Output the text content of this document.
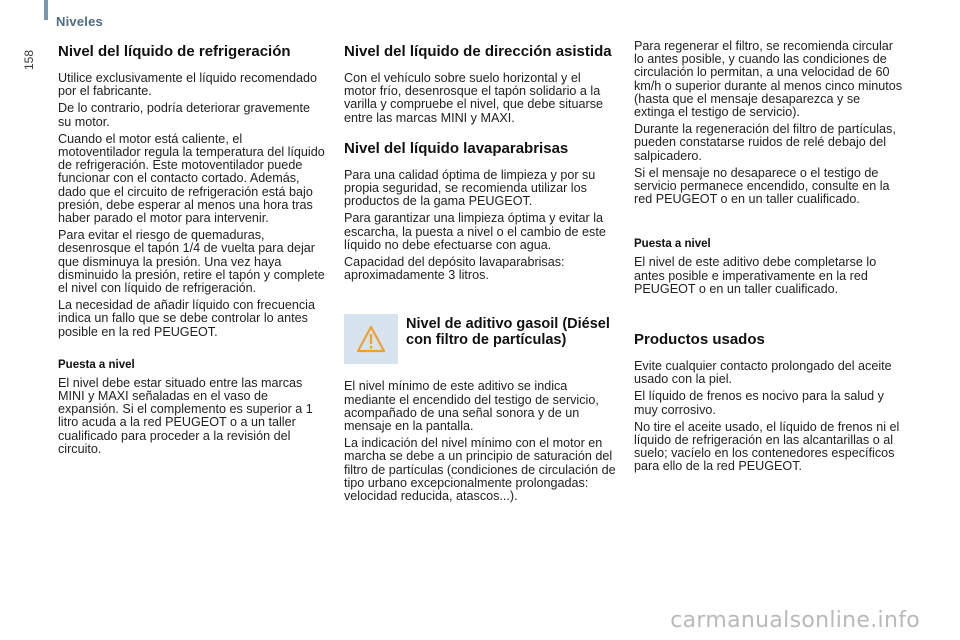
Niveles
158 Nivel del líquido de refrigeración

Utilice exclusivamente el líquido recomendado por el fabricante.

De lo contrario, podría deteriorar gravemente su motor.

Cuando el motor está caliente, el motoventilador regula la temperatura del líquido de refrigeración. Este motoventilador puede funcionar con el contacto cortado. Además, dado que el circuito de refrigeración está bajo presión, debe esperar al menos una hora tras haber parado el motor para intervenir.

Para evitar el riesgo de quemaduras, desenrosque el tapón 1/4 de vuelta para dejar que disminuya la presión. Una vez haya disminuido la presión, retire el tapón y complete el nivel con líquido de refrigeración.

La necesidad de añadir líquido con frecuencia indica un fallo que se debe controlar lo antes posible en la red PEUGEOT.

Puesta a nivel

El nivel debe estar situado entre las marcas MINI y MAXI señaladas en el vaso de expansión. Si el complemento es superior a 1 litro acuda a la red PEUGEOT o a un taller cualificado para proceder a la revisión del circuito.

Nivel del líquido de dirección asistida

Con el vehículo sobre suelo horizontal y el motor frío, desenrosque el tapón solidario a la varilla y compruebe el nivel, que debe situarse entre las marcas MINI y MAXI.

Nivel del líquido lavaparabrisas

Para una calidad óptima de limpieza y por su propia seguridad, se recomienda utilizar los productos de la gama PEUGEOT.

Para garantizar una limpieza óptima y evitar la escarcha, la puesta a nivel o el cambio de este líquido no debe efectuarse con agua.

Capacidad del depósito lavaparabrisas: aproximadamente 3 litros.

Nivel de aditivo gasoil (Diésel con filtro de partículas)

El nivel mínimo de este aditivo se indica mediante el encendido del testigo de servicio, acompañado de una señal sonora y de un mensaje en la pantalla.

La indicación del nivel mínimo con el motor en marcha se debe a un principio de saturación del filtro de partículas (condiciones de circulación de tipo urbano excepcionalmente prolongadas: velocidad reducida, atascos...).

Para regenerar el filtro, se recomienda circular lo antes posible, y cuando las condiciones de circulación lo permitan, a una velocidad de 60 km/h o superior durante al menos cinco minutos (hasta que el mensaje desaparezca y se extinga el testigo de servicio).

Durante la regeneración del filtro de partículas, pueden constatarse ruidos de relé debajo del salpicadero.

Si el mensaje no desaparece o el testigo de servicio permanece encendido, consulte en la red PEUGEOT o en un taller cualificado.

Puesta a nivel

El nivel de este aditivo debe completarse lo antes posible e imperativamente en la red PEUGEOT o en un taller cualificado.

Productos usados

Evite cualquier contacto prolongado del aceite usado con la piel.

El líquido de frenos es nocivo para la salud y muy corrosivo.

No tire el aceite usado, el líquido de frenos ni el líquido de refrigeración en las alcantarillas o al suelo; vacíelo en los contenedores específicos para ello de la red PEUGEOT.

carmanualsonline.info
